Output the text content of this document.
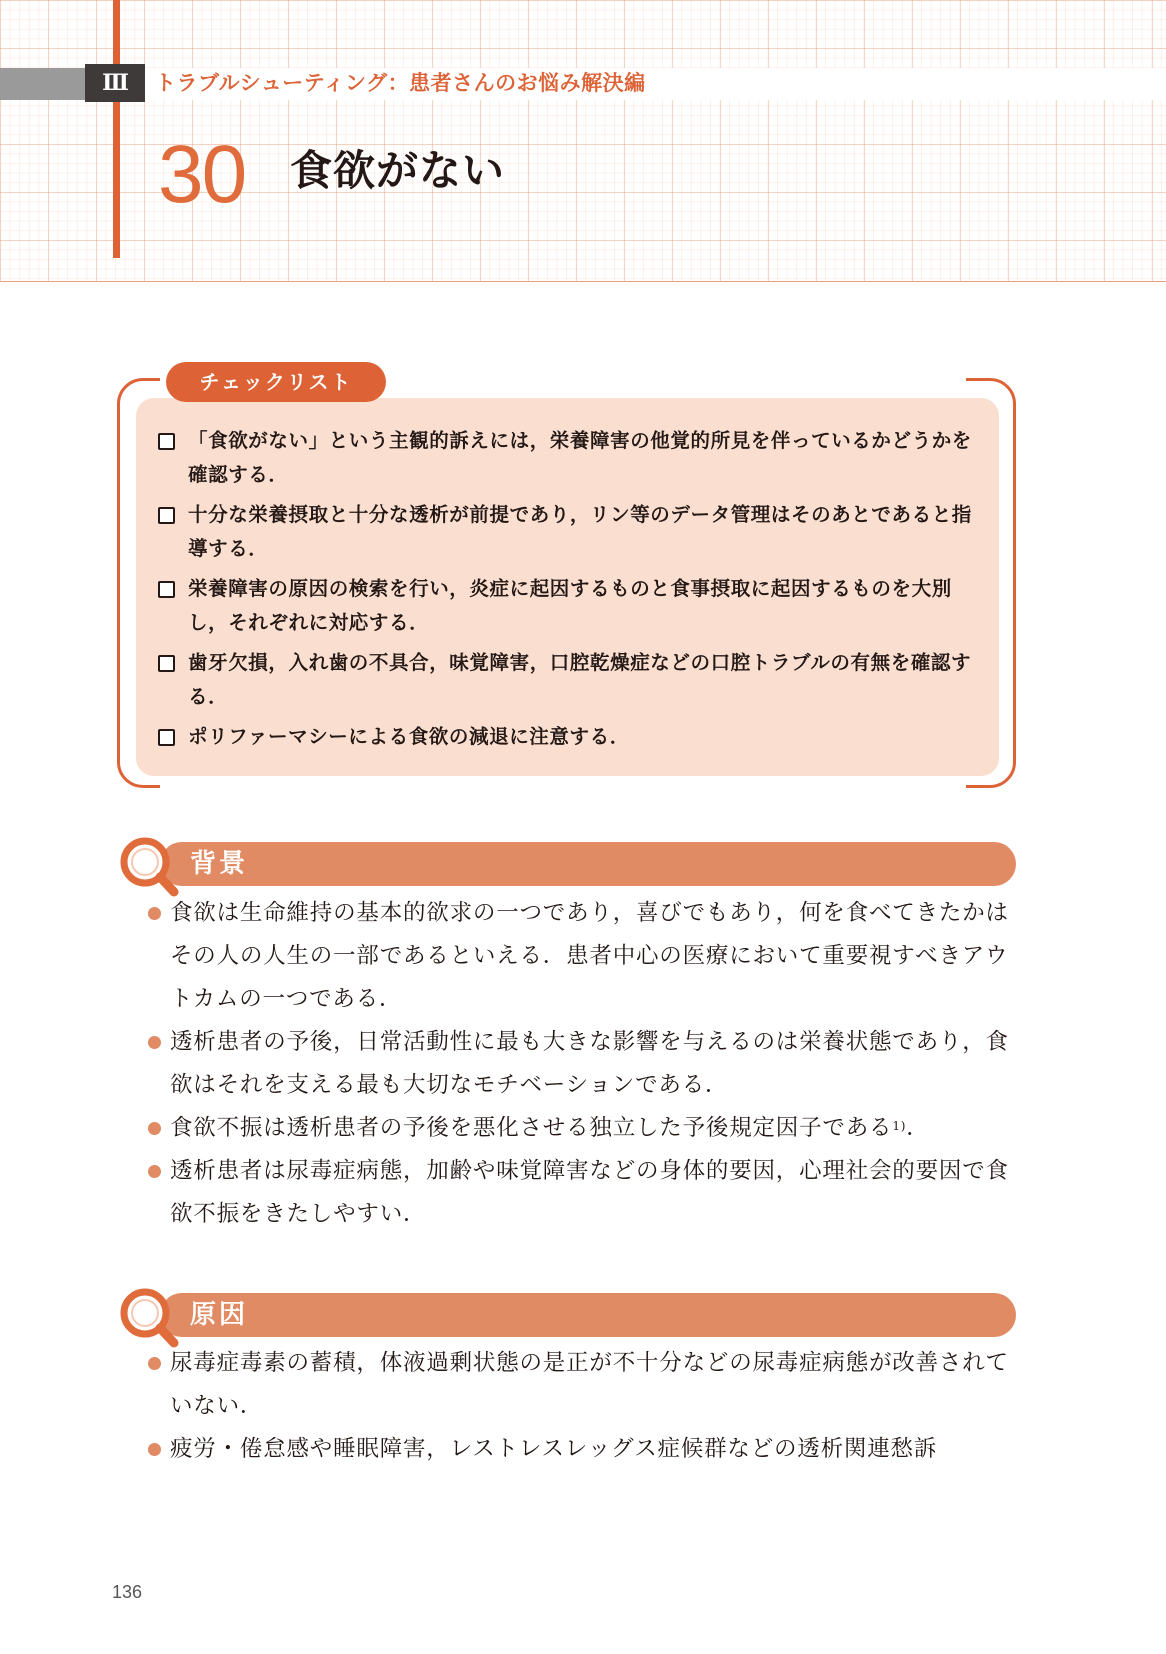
Ⅲ	トラブルシューティング：患者さんのお悩み解決編
30 食欲がない
チェックリスト
「食欲がない」という主観的訴えには，栄養障害の他覚的所見を伴っているかどうかを確認する．
十分な栄養摂取と十分な透析が前提であり，リン等のデータ管理はそのあとであると指導する．
栄養障害の原因の検索を行い，炎症に起因するものと食事摂取に起因するものを大別し，それぞれに対応する．
歯牙欠損，入れ歯の不具合，味覚障害，口腔乾燥症などの口腔トラブルの有無を確認する．
ポリファーマシーによる食欲の減退に注意する．
背景
食欲は生命維持の基本的欲求の一つであり，喜びでもあり，何を食べてきたかはその人の人生の一部であるといえる．患者中心の医療において重要視すべきアウトカムの一つである．
透析患者の予後，日常活動性に最も大きな影響を与えるのは栄養状態であり，食欲はそれを支える最も大切なモチベーションである．
食欲不振は透析患者の予後を悪化させる独立した予後規定因子である$^{1)}$．
透析患者は尿毒症病態，加齢や味覚障害などの身体的要因，心理社会的要因で食欲不振をきたしやすい．
原因
尿毒症毒素の蓄積，体液過剰状態の是正が不十分などの尿毒症病態が改善されていない．
疲労・倦怠感や睡眠障害，レストレスレッグス症候群などの透析関連愁訴
136
